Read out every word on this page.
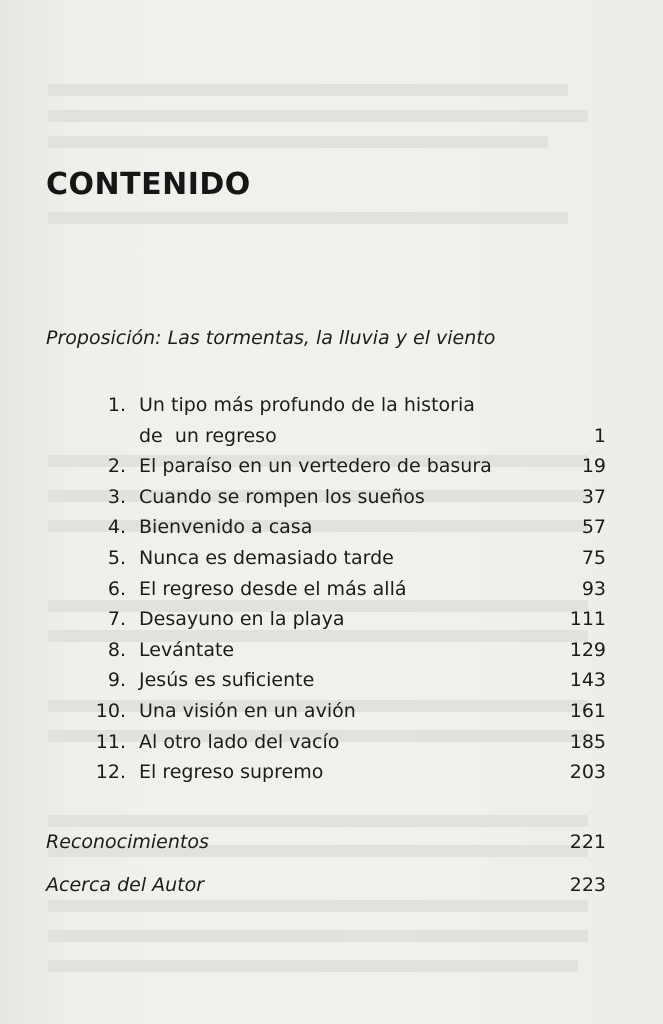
CONTENIDO
Proposición: Las tormentas, la lluvia y el viento
1. Un tipo más profundo de la historia
de  un regreso	1
2. El paraíso en un vertedero de basura	19
3. Cuando se rompen los sueños	37
4. Bienvenido a casa	57
5. Nunca es demasiado tarde	75
6. El regreso desde el más allá	93
7. Desayuno en la playa	111
8. Levántate	129
9. Jesús es suficiente	143
10. Una visión en un avión	161
11. Al otro lado del vacío	185
12. El regreso supremo	203
Reconocimientos	221
Acerca del Autor	223
